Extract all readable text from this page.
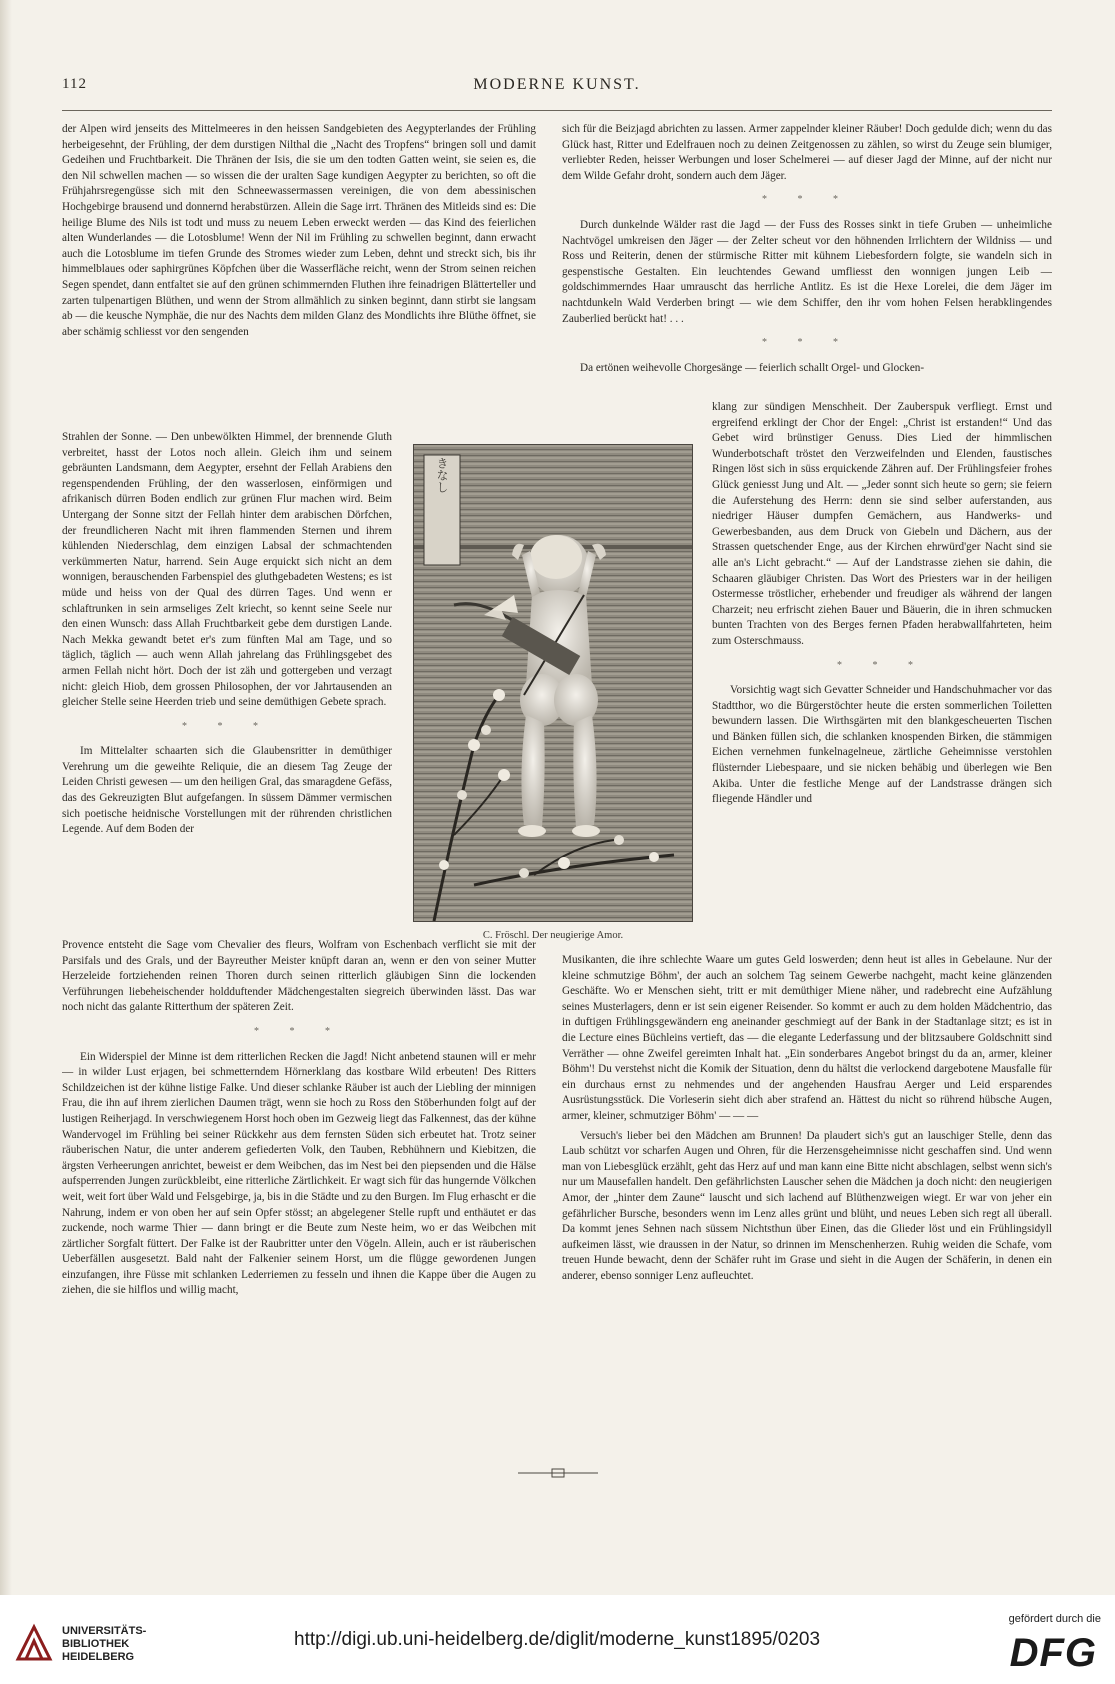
112	MODERNE KUNST.

der Alpen wird jenseits des Mittelmeeres in den heissen Sandgebieten des Aegypterlandes der Frühling herbeigesehnt, der Frühling, der dem durstigen Nilthal die „Nacht des Tropfens“ bringen soll und damit Gedeihen und Fruchtbarkeit. Die Thränen der Isis, die sie um den todten Gatten weint, sie seien es, die den Nil schwellen machen — so wissen die der uralten Sage kundigen Aegypter zu berichten, so oft die Frühjahrsregengüsse sich mit den Schneewassermassen vereinigen, die von dem abessinischen Hochgebirge brausend und donnernd herabstürzen. Allein die Sage irrt. Thränen des Mitleids sind es: Die heilige Blume des Nils ist todt und muss zu neuem Leben erweckt werden — das Kind des feierlichen alten Wunderlandes — die Lotosblume! Wenn der Nil im Frühling zu schwellen beginnt, dann erwacht auch die Lotosblume im tiefen Grunde des Stromes wieder zum Leben, dehnt und streckt sich, bis ihr himmelblaues oder saphirgrünes Köpfchen über die Wasserfläche reicht, wenn der Strom seinen reichen Segen spendet, dann entfaltet sie auf den grünen schimmernden Fluthen ihre feinadrigen Blätterteller und zarten tulpenartigen Blüthen, und wenn der Strom allmählich zu sinken beginnt, dann stirbt sie langsam ab — die keusche Nymphäe, die nur des Nachts dem milden Glanz des Mondlichts ihre Blüthe öffnet, sie aber schämig schliesst vor den sengenden

Strahlen der Sonne. — Den unbewölkten Himmel, der brennende Gluth verbreitet, hasst der Lotos noch allein. Gleich ihm und seinem gebräunten Landsmann, dem Aegypter, ersehnt der Fellah Arabiens den regenspendenden Frühling, der den wasserlosen, einförmigen und afrikanisch dürren Boden endlich zur grünen Flur machen wird. Beim Untergang der Sonne sitzt der Fellah hinter dem arabischen Dörfchen, der freundlicheren Nacht mit ihren flammenden Sternen und ihrem kühlenden Niederschlag, dem einzigen Labsal der schmachtenden verkümmerten Natur, harrend. Sein Auge erquickt sich nicht an dem wonnigen, berauschenden Farbenspiel des gluthgebadeten Westens; es ist müde und heiss von der Qual des dürren Tages. Und wenn er schlaftrunken in sein armseliges Zelt kriecht, so kennt seine Seele nur den einen Wunsch: dass Allah Fruchtbarkeit gebe dem durstigen Lande. Nach Mekka gewandt betet er's zum fünften Mal am Tage, und so täglich, täglich — auch wenn Allah jahrelang das Frühlingsgebet des armen Fellah nicht hört. Doch der ist zäh und gottergeben und verzagt nicht: gleich Hiob, dem grossen Philosophen, der vor Jahrtausenden an gleicher Stelle seine Heerden trieb und seine demüthigen Gebete sprach.

* * *

Im Mittelalter schaarten sich die Glaubensritter in demüthiger Verehrung um die geweihte Reliquie, die an diesem Tag Zeuge der Leiden Christi gewesen — um den heiligen Gral, das smaragdene Gefäss, das des Gekreuzigten Blut aufgefangen. In süssem Dämmer vermischen sich poetische heidnische Vorstellungen mit der rührenden christlichen Legende. Auf dem Boden der

Provence entsteht die Sage vom Chevalier des fleurs, Wolfram von Eschenbach verflicht sie mit der Parsifals und des Grals, und der Bayreuther Meister knüpft daran an, wenn er den von seiner Mutter Herzeleide fortziehenden reinen Thoren durch seinen ritterlich gläubigen Sinn die lockenden Verführungen liebeheischender holdduftender Mädchengestalten siegreich überwinden lässt. Das war noch nicht das galante Ritterthum der späteren Zeit.

* * *

Ein Widerspiel der Minne ist dem ritterlichen Recken die Jagd! Nicht anbetend staunen will er mehr — in wilder Lust erjagen, bei schmetterndem Hörnerklang das kostbare Wild erbeuten! Des Ritters Schildzeichen ist der kühne listige Falke. Und dieser schlanke Räuber ist auch der Liebling der minnigen Frau, die ihn auf ihrem zierlichen Daumen trägt, wenn sie hoch zu Ross den Stöberhunden folgt auf der lustigen Reiherjagd. In verschwiegenem Horst hoch oben im Gezweig liegt das Falkennest, das der kühne Wandervogel im Frühling bei seiner Rückkehr aus dem fernsten Süden sich erbeutet hat. Trotz seiner räuberischen Natur, die unter anderem gefiederten Volk, den Tauben, Rebhühnern und Kiebitzen, die ärgsten Verheerungen anrichtet, beweist er dem Weibchen, das im Nest bei den piepsenden und die Hälse aufsperrenden Jungen zurückbleibt, eine ritterliche Zärtlichkeit. Er wagt sich für das hungernde Völkchen weit, weit fort über Wald und Felsgebirge, ja, bis in die Städte und zu den Burgen. Im Flug erhascht er die Nahrung, indem er von oben her auf sein Opfer stösst; an abgelegener Stelle rupft und enthäutet er das zuckende, noch warme Thier — dann bringt er die Beute zum Neste heim, wo er das Weibchen mit zärtlicher Sorgfalt füttert. Der Falke ist der Raubritter unter den Vögeln. Allein, auch er ist räuberischen Ueberfällen ausgesetzt. Bald naht der Falkenier seinem Horst, um die flügge gewordenen Jungen einzufangen, ihre Füsse mit schlanken Lederriemen zu fesseln und ihnen die Kappe über die Augen zu ziehen, die sie hilflos und willig macht,

sich für die Beizjagd abrichten zu lassen. Armer zappelnder kleiner Räuber! Doch gedulde dich; wenn du das Glück hast, Ritter und Edelfrauen noch zu deinen Zeitgenossen zu zählen, so wirst du Zeuge sein blumiger, verliebter Reden, heisser Werbungen und loser Schelmerei — auf dieser Jagd der Minne, auf der nicht nur dem Wilde Gefahr droht, sondern auch dem Jäger.

* * *

Durch dunkelnde Wälder rast die Jagd — der Fuss des Rosses sinkt in tiefe Gruben — unheimliche Nachtvögel umkreisen den Jäger — der Zelter scheut vor den höhnenden Irrlichtern der Wildniss — und Ross und Reiterin, denen der stürmische Ritter mit kühnem Liebesfordern folgte, sie wandeln sich in gespenstische Gestalten. Ein leuchtendes Gewand umfliesst den wonnigen jungen Leib — goldschimmerndes Haar umrauscht das herrliche Antlitz. Es ist die Hexe Lorelei, die dem Jäger im nachtdunkeln Wald Verderben bringt — wie dem Schiffer, den ihr vom hohen Felsen herabklingendes Zauberlied berückt hat! . . .

* * *

Da ertönen weihevolle Chorgesänge — feierlich schallt Orgel- und Glocken-

klang zur sündigen Menschheit. Der Zauberspuk verfliegt. Ernst und ergreifend erklingt der Chor der Engel: „Christ ist erstanden!“ Und das Gebet wird brünstiger Genuss. Dies Lied der himmlischen Wunderbotschaft tröstet den Verzweifelnden und Elenden, faustisches Ringen löst sich in süss erquickende Zähren auf. Der Frühlingsfeier frohes Glück geniesst Jung und Alt. — „Jeder sonnt sich heute so gern; sie feiern die Auferstehung des Herrn: denn sie sind selber auferstanden, aus niedriger Häuser dumpfen Gemächern, aus Handwerks- und Gewerbesbanden, aus dem Druck von Giebeln und Dächern, aus der Strassen quetschender Enge, aus der Kirchen ehrwürd'ger Nacht sind sie alle an's Licht gebracht.“ — Auf der Landstrasse ziehen sie dahin, die Schaaren gläubiger Christen. Das Wort des Priesters war in der heiligen Ostermesse tröstlicher, erhebender und freudiger als während der langen Charzeit; neu erfrischt ziehen Bauer und Bäuerin, die in ihren schmucken bunten Trachten von des Berges fernen Pfaden herabwallfahrteten, heim zum Osterschmauss.

* * *

Vorsichtig wagt sich Gevatter Schneider und Handschuhmacher vor das Stadtthor, wo die Bürgerstöchter heute die ersten sommerlichen Toiletten bewundern lassen. Die Wirthsgärten mit den blankgescheuerten Tischen und Bänken füllen sich, die schlanken knospenden Birken, die stämmigen Eichen vernehmen funkelnagelneue, zärtliche Geheimnisse verstohlen flüsternder Liebespaare, und sie nicken behäbig und überlegen wie Ben Akiba. Unter die festliche Menge auf der Landstrasse drängen sich fliegende Händler und

Musikanten, die ihre schlechte Waare um gutes Geld loswerden; denn heut ist alles in Gebelaune. Nur der kleine schmutzige Böhm', der auch an solchem Tag seinem Gewerbe nachgeht, macht keine glänzenden Geschäfte. Wo er Menschen sieht, tritt er mit demüthiger Miene näher, und radebrecht eine Aufzählung seines Musterlagers, denn er ist sein eigener Reisender. So kommt er auch zu dem holden Mädchentrio, das in duftigen Frühlingsgewändern eng aneinander geschmiegt auf der Bank in der Stadtanlage sitzt; es ist in die Lecture eines Büchleins vertieft, das — die elegante Lederfassung und der blitzsaubere Goldschnitt sind Verräther — ohne Zweifel gereimten Inhalt hat. „Ein sonderbares Angebot bringst du da an, armer, kleiner Böhm'! Du verstehst nicht die Komik der Situation, denn du hältst die verlockend dargebotene Mausfalle für ein durchaus ernst zu nehmendes und der angehenden Hausfrau Aerger und Leid ersparendes Ausrüstungsstück. Die Vorleserin sieht dich aber strafend an. Hättest du nicht so rührend hübsche Augen, armer, kleiner, schmutziger Böhm' — — —

Versuch's lieber bei den Mädchen am Brunnen! Da plaudert sich's gut an lauschiger Stelle, denn das Laub schützt vor scharfen Augen und Ohren, für die Herzensgeheimnisse nicht geschaffen sind. Und wenn man von Liebesglück erzählt, geht das Herz auf und man kann eine Bitte nicht abschlagen, selbst wenn sich's nur um Mausefallen handelt. Den gefährlichsten Lauscher sehen die Mädchen ja doch nicht: den neugierigen Amor, der „hinter dem Zaune“ lauscht und sich lachend auf Blüthenzweigen wiegt. Er war von jeher ein gefährlicher Bursche, besonders wenn im Lenz alles grünt und blüht, und neues Leben sich regt all überall. Da kommt jenes Sehnen nach süssem Nichtsthun über Einen, das die Glieder löst und ein Frühlingsidyll aufkeimen lässt, wie draussen in der Natur, so drinnen im Menschenherzen. Ruhig weiden die Schafe, vom treuen Hunde bewacht, denn der Schäfer ruht im Grase und sieht in die Augen der Schäferin, in denen ein anderer, ebenso sonniger Lenz aufleuchtet.

きなし
C. Fröschl. Der neugierige Amor.
UNIVERSITÄTS-
BIBLIOTHEK
HEIDELBERG
http://digi.ub.uni-heidelberg.de/diglit/moderne_kunst1895/0203
gefördert durch die
DFG
